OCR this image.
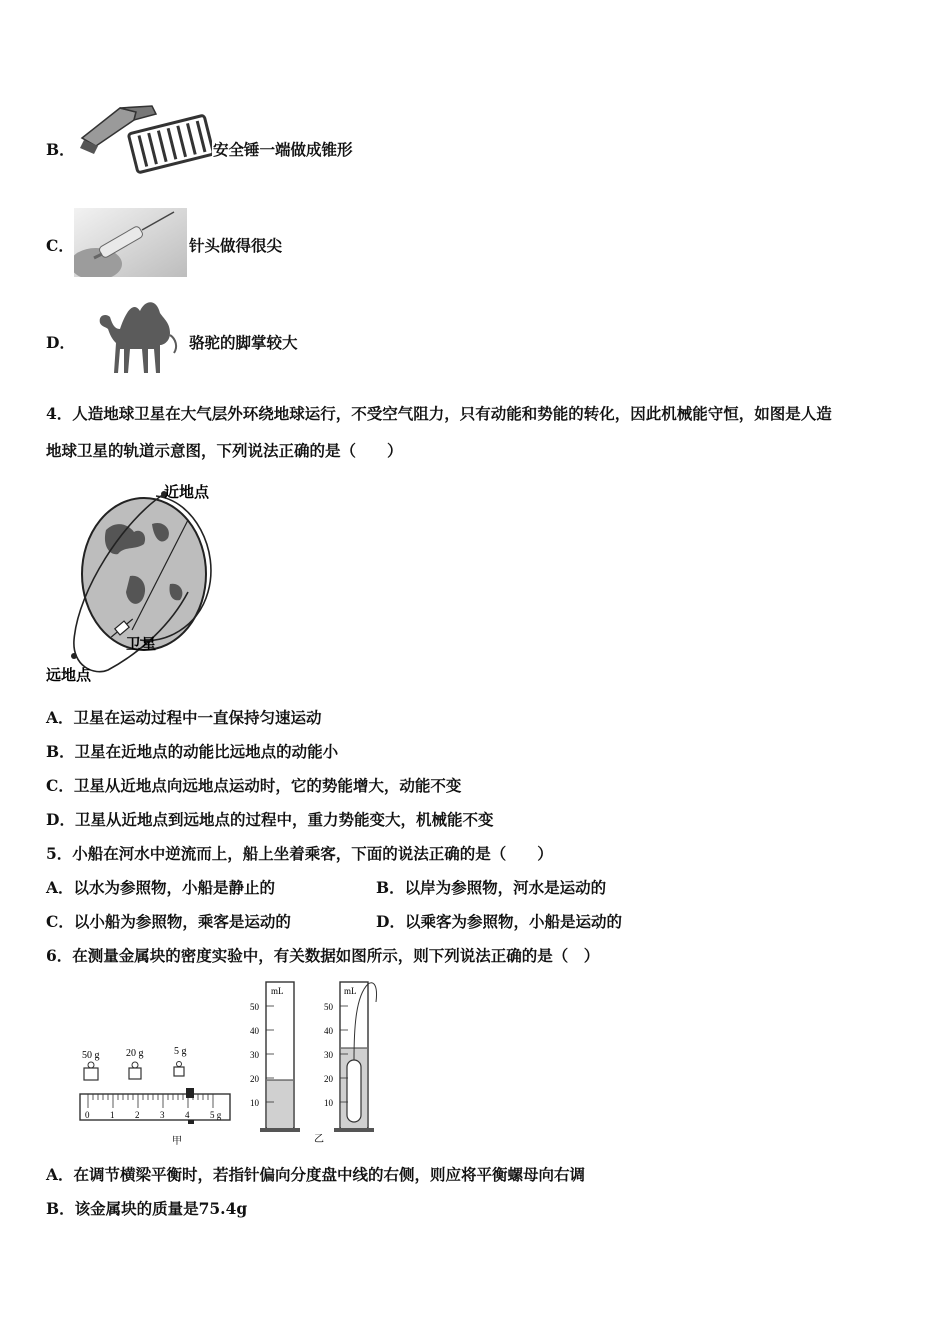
B．	安全锤一端做成锥形
C．	针头做得很尖
D．	骆驼的脚掌较大
4．人造地球卫星在大气层外环绕地球运行，不受空气阻力，只有动能和势能的转化，因此机械能守恒，如图是人造
地球卫星的轨道示意图，下列说法正确的是（　　）
近地点
卫星
远地点
A．卫星在运动过程中一直保持匀速运动
B．卫星在近地点的动能比远地点的动能小
C．卫星从近地点向远地点运动时，它的势能增大，动能不变
D．卫星从近地点到远地点的过程中，重力势能变大，机械能不变
5．小船在河水中逆流而上，船上坐着乘客，下面的说法正确的是（　　）
A．以水为参照物，小船是静止的	B．以岸为参照物，河水是运动的
C．以小船为参照物，乘客是运动的	D．以乘客为参照物，小船是运动的
6．在测量金属块的密度实验中，有关数据如图所示，则下列说法正确的是（　）
50 g	20 g	5 g
0 1 2 3 4 5 g
甲
mL
50
40
30
20
10
mL
50
40
30
20
10
乙
A．在调节横梁平衡时，若指针偏向分度盘中线的右侧，则应将平衡螺母向右调
B．该金属块的质量是75.4g
